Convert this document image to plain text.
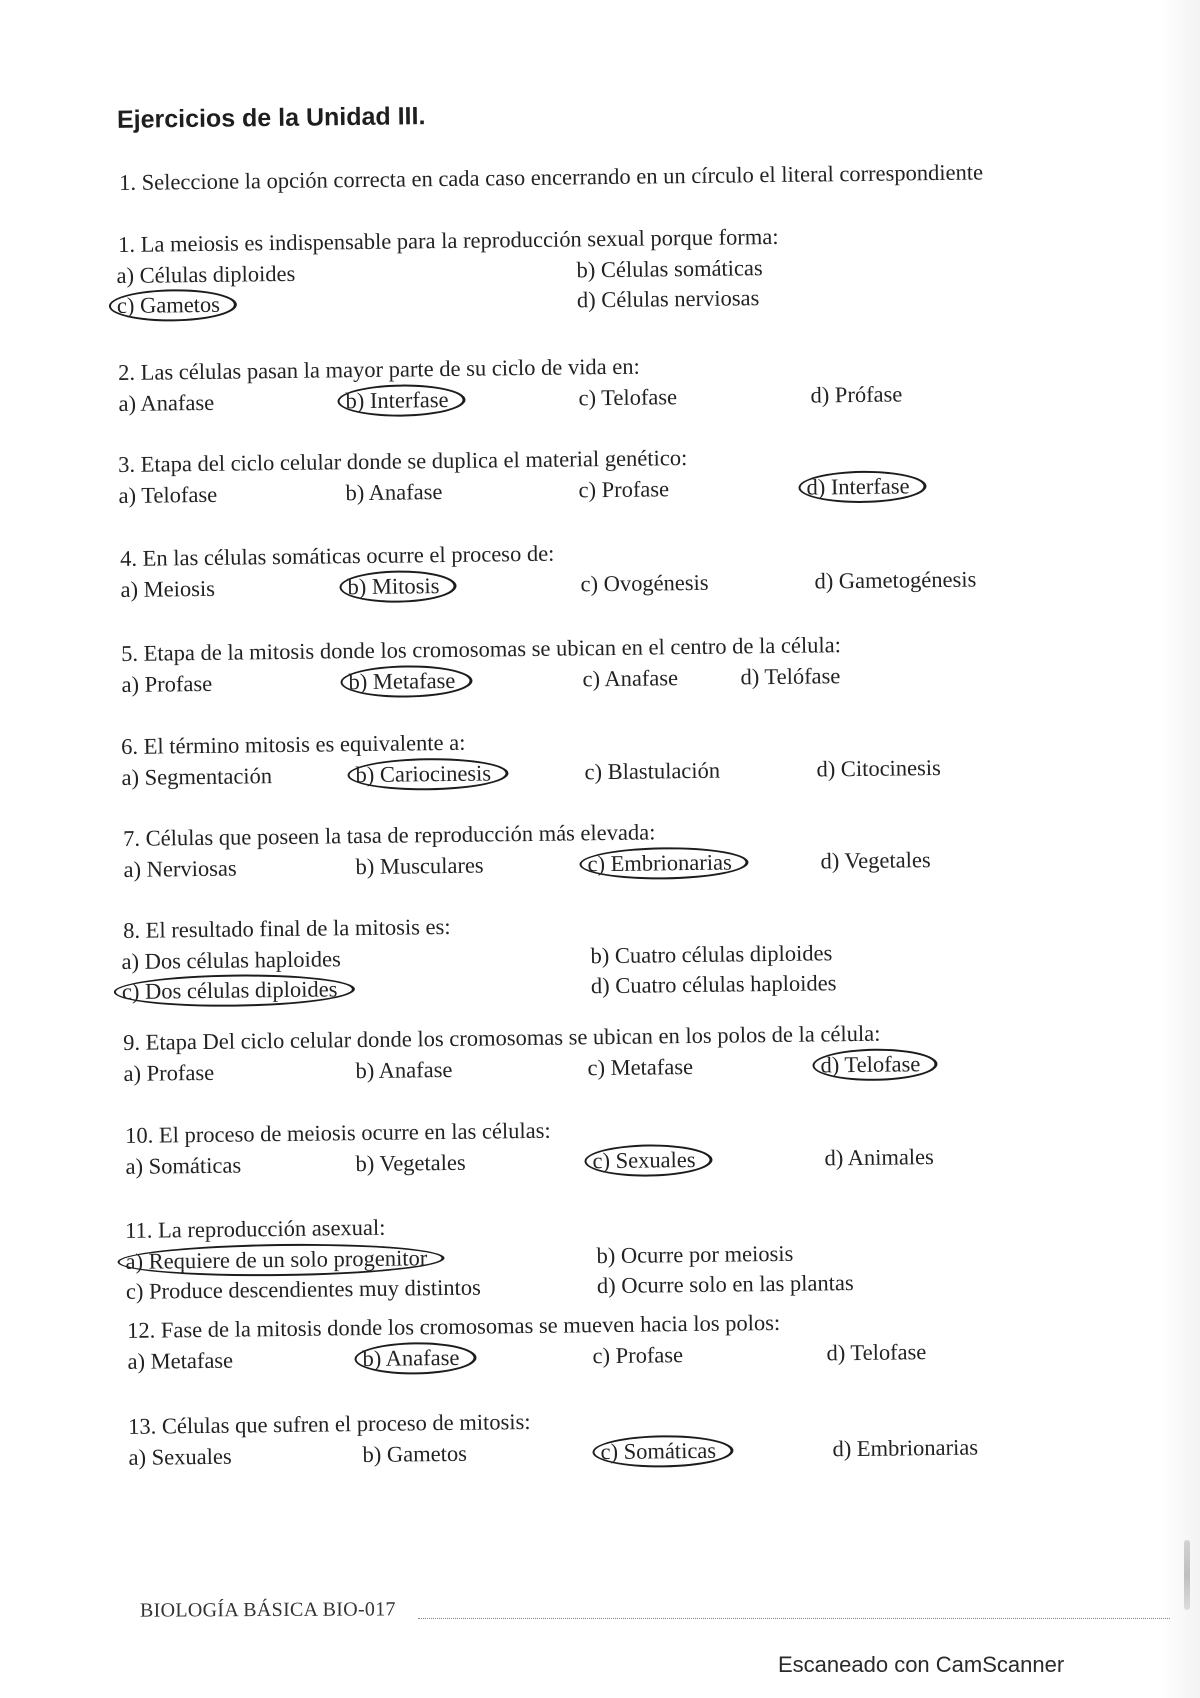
Ejercicios de la Unidad III.
1. Seleccione la opción correcta en cada caso encerrando en un círculo el literal correspondiente
1. La meiosis es indispensable para la reproducción sexual porque forma:
a) Células diploides	b) Células somáticas
c) Gametos	d) Células nerviosas
2. Las células pasan la mayor parte de su ciclo de vida en:
a) Anafase	b) Interfase	c) Telofase	d) Prófase
3. Etapa del ciclo celular donde se duplica el material genético:
a) Telofase	b) Anafase	c) Profase	d) Interfase
4. En las células somáticas ocurre el proceso de:
a) Meiosis	b) Mitosis	c) Ovogénesis	d) Gametogénesis
5. Etapa de la mitosis donde los cromosomas se ubican en el centro de la célula:
a) Profase	b) Metafase	c) Anafase	d) Telófase
6. El término mitosis es equivalente a:
a) Segmentación	b) Cariocinesis	c) Blastulación	d) Citocinesis
7. Células que poseen la tasa de reproducción más elevada:
a) Nerviosas	b) Musculares	c) Embrionarias	d) Vegetales
8. El resultado final de la mitosis es:
a) Dos células haploides	b) Cuatro células diploides
c) Dos células diploides	d) Cuatro células haploides
9. Etapa Del ciclo celular donde los cromosomas se ubican en los polos de la célula:
a) Profase	b) Anafase	c) Metafase	d) Telofase
10. El proceso de meiosis ocurre en las células:
a) Somáticas	b) Vegetales	c) Sexuales	d) Animales
11. La reproducción asexual:
a) Requiere de un solo progenitor	b) Ocurre por meiosis
c) Produce descendientes muy distintos	d) Ocurre solo en las plantas
12. Fase de la mitosis donde los cromosomas se mueven hacia los polos:
a) Metafase	b) Anafase	c) Profase	d) Telofase
13. Células que sufren el proceso de mitosis:
a) Sexuales	b) Gametos	c) Somáticas	d) Embrionarias
BIOLOGÍA BÁSICA BIO-017
Escaneado con CamScanner
